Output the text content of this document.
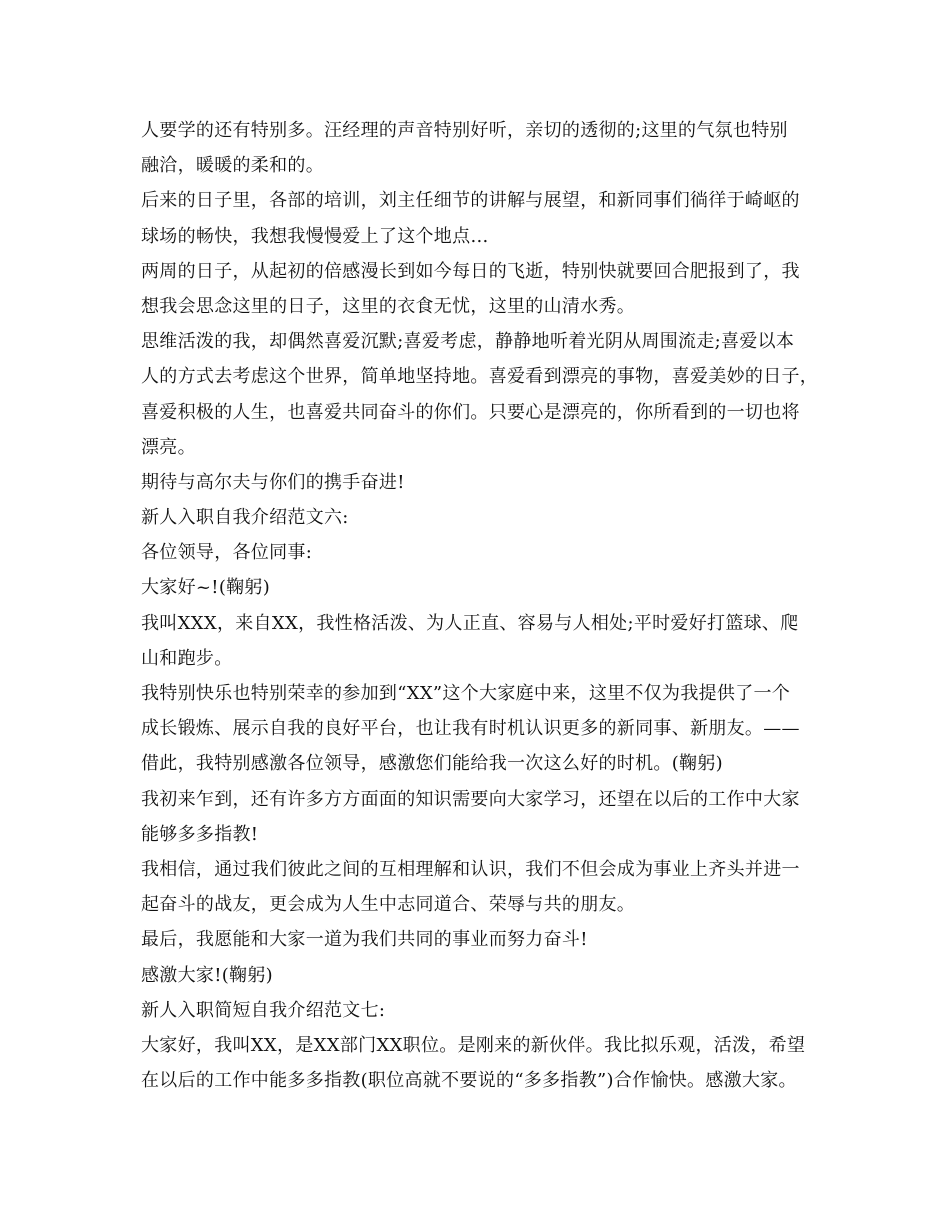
人要学的还有特别多。汪经理的声音特别好听，亲切的透彻的;这里的气氛也特别
融洽，暖暖的柔和的。
后来的日子里，各部的培训，刘主任细节的讲解与展望，和新同事们徜徉于崎岖的
球场的畅快，我想我慢慢爱上了这个地点…
两周的日子，从起初的倍感漫长到如今每日的飞逝，特别快就要回合肥报到了，我
想我会思念这里的日子，这里的衣食无忧，这里的山清水秀。
思维活泼的我，却偶然喜爱沉默;喜爱考虑，静静地听着光阴从周围流走;喜爱以本
人的方式去考虑这个世界，简单地坚持地。喜爱看到漂亮的事物，喜爱美妙的日子，
喜爱积极的人生，也喜爱共同奋斗的你们。只要心是漂亮的，你所看到的一切也将
漂亮。
期待与高尔夫与你们的携手奋进!
新人入职自我介绍范文六:
各位领导，各位同事:
大家好~!(鞠躬)
我叫XXX，来自XX，我性格活泼、为人正直、容易与人相处;平时爱好打篮球、爬
山和跑步。
我特别快乐也特别荣幸的参加到“XX”这个大家庭中来，这里不仅为我提供了一个
成长锻炼、展示自我的良好平台，也让我有时机认识更多的新同事、新朋友。——
借此，我特别感激各位领导，感激您们能给我一次这么好的时机。(鞠躬)
我初来乍到，还有许多方方面面的知识需要向大家学习，还望在以后的工作中大家
能够多多指教!
我相信，通过我们彼此之间的互相理解和认识，我们不但会成为事业上齐头并进一
起奋斗的战友，更会成为人生中志同道合、荣辱与共的朋友。
最后，我愿能和大家一道为我们共同的事业而努力奋斗!
感激大家!(鞠躬)
新人入职简短自我介绍范文七:
大家好，我叫XX，是XX部门XX职位。是刚来的新伙伴。我比拟乐观，活泼，希望
在以后的工作中能多多指教(职位高就不要说的“多多指教”)合作愉快。感激大家。
